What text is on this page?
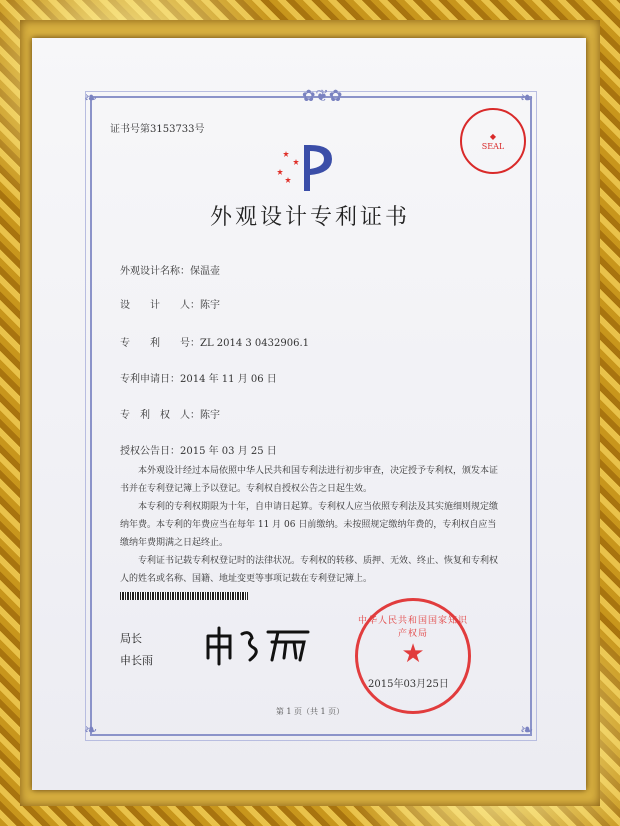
✿❦✿
❧	❧
❧	❧
证书号第3153733号
◆
SEAL
外观设计专利证书
外观设计名称：保温壶
设　　计　　人：陈宇
专　　利　　号：ZL 2014 3 0432906.1
专利申请日：2014 年 11 月 06 日
专　利　权　人：陈宇
授权公告日：2015 年 03 月 25 日

本外观设计经过本局依照中华人民共和国专利法进行初步审查，决定授予专利权，颁发本证书并在专利登记簿上予以登记。专利权自授权公告之日起生效。

本专利的专利权期限为十年，自申请日起算。专利权人应当依照专利法及其实施细则规定缴纳年费。本专利的年费应当在每年 11 月 06 日前缴纳。未按照规定缴纳年费的，专利权自应当缴纳年费期满之日起终止。

专利证书记载专利权登记时的法律状况。专利权的转移、质押、无效、终止、恢复和专利权人的姓名或名称、国籍、地址变更等事项记载在专利登记簿上。

局长
申长雨
中华人民共和国国家知识产权局
★
2015年03月25日
第 1 页（共 1 页）
